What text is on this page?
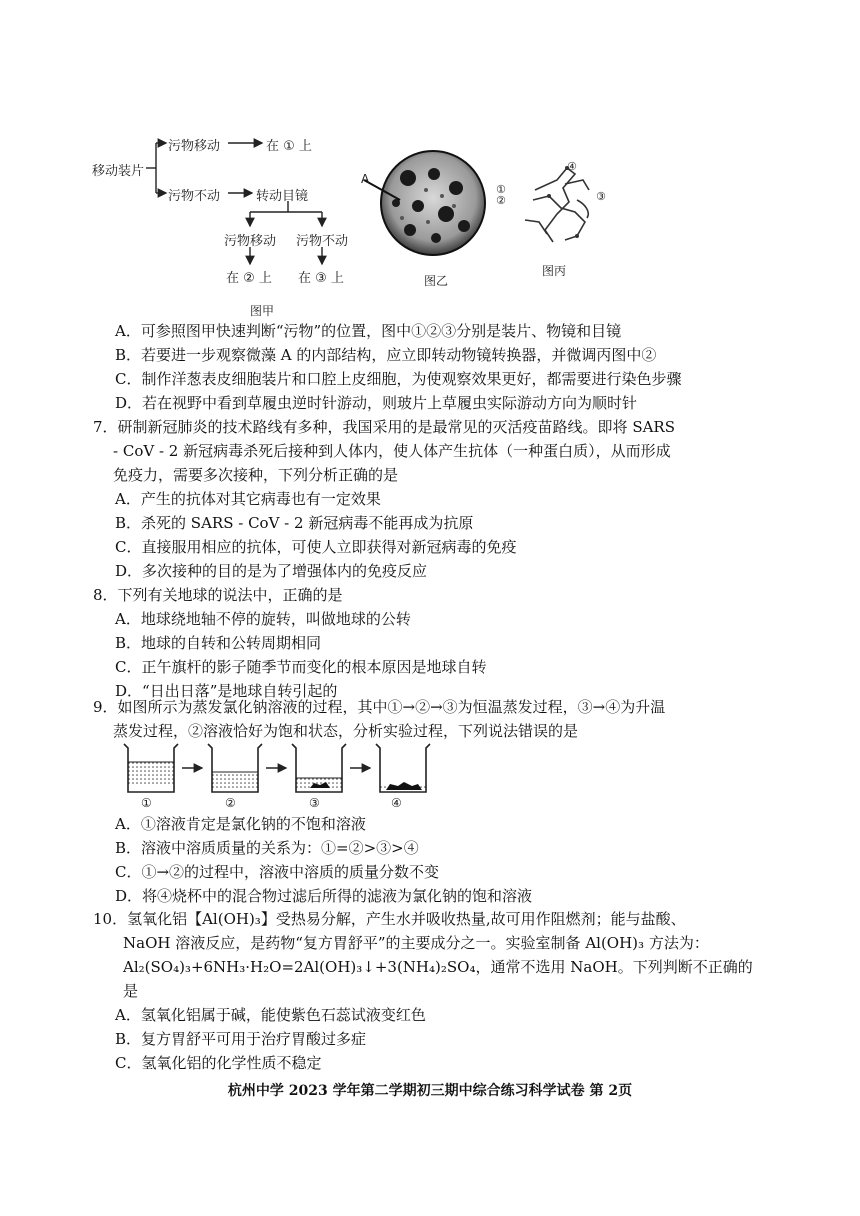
移动装片
污物移动	在 ① 上
污物不动	转动目镜
污物移动 污物不动
在 ② 上 在 ③ 上
图甲
A
图乙
①
②	③
④
图丙
A．可参照图甲快速判断“污物”的位置，图中①②③分别是装片、物镜和目镜
B．若要进一步观察微藻 A 的内部结构，应立即转动物镜转换器，并微调丙图中②
C．制作洋葱表皮细胞装片和口腔上皮细胞，为使观察效果更好，都需要进行染色步骤
D．若在视野中看到草履虫逆时针游动，则玻片上草履虫实际游动方向为顺时针
7．研制新冠肺炎的技术路线有多种，我国采用的是最常见的灭活疫苗路线。即将 SARS
- CoV - 2 新冠病毒杀死后接种到人体内，使人体产生抗体（一种蛋白质），从而形成
免疫力，需要多次接种，下列分析正确的是
A．产生的抗体对其它病毒也有一定效果
B．杀死的 SARS - CoV - 2 新冠病毒不能再成为抗原
C．直接服用相应的抗体，可使人立即获得对新冠病毒的免疫
D．多次接种的目的是为了增强体内的免疫反应
8．下列有关地球的说法中，正确的是
A．地球绕地轴不停的旋转，叫做地球的公转
B．地球的自转和公转周期相同
C．正午旗杆的影子随季节而变化的根本原因是地球自转
D．“日出日落”是地球自转引起的
9．如图所示为蒸发氯化钠溶液的过程，其中①→②→③为恒温蒸发过程，③→④为升温
蒸发过程，②溶液恰好为饱和状态，分析实验过程，下列说法错误的是
①	②	③	④
A．①溶液肯定是氯化钠的不饱和溶液
B．溶液中溶质质量的关系为：①=②>③>④
C．①→②的过程中，溶液中溶质的质量分数不变
D．将④烧杯中的混合物过滤后所得的滤液为氯化钠的饱和溶液
10．氢氧化铝【Al(OH)₃】受热易分解，产生水并吸收热量,故可用作阻燃剂；能与盐酸、
NaOH 溶液反应，是药物“复方胃舒平”的主要成分之一。实验室制备 Al(OH)₃ 方法为：
Al₂(SO₄)₃+6NH₃·H₂O=2Al(OH)₃↓+3(NH₄)₂SO₄，通常不选用 NaOH。下列判断不正确的
是
A．氢氧化铝属于碱，能使紫色石蕊试液变红色
B．复方胃舒平可用于治疗胃酸过多症
C．氢氧化铝的化学性质不稳定
杭州中学 2023 学年第二学期初三期中综合练习科学试卷 第 2页
